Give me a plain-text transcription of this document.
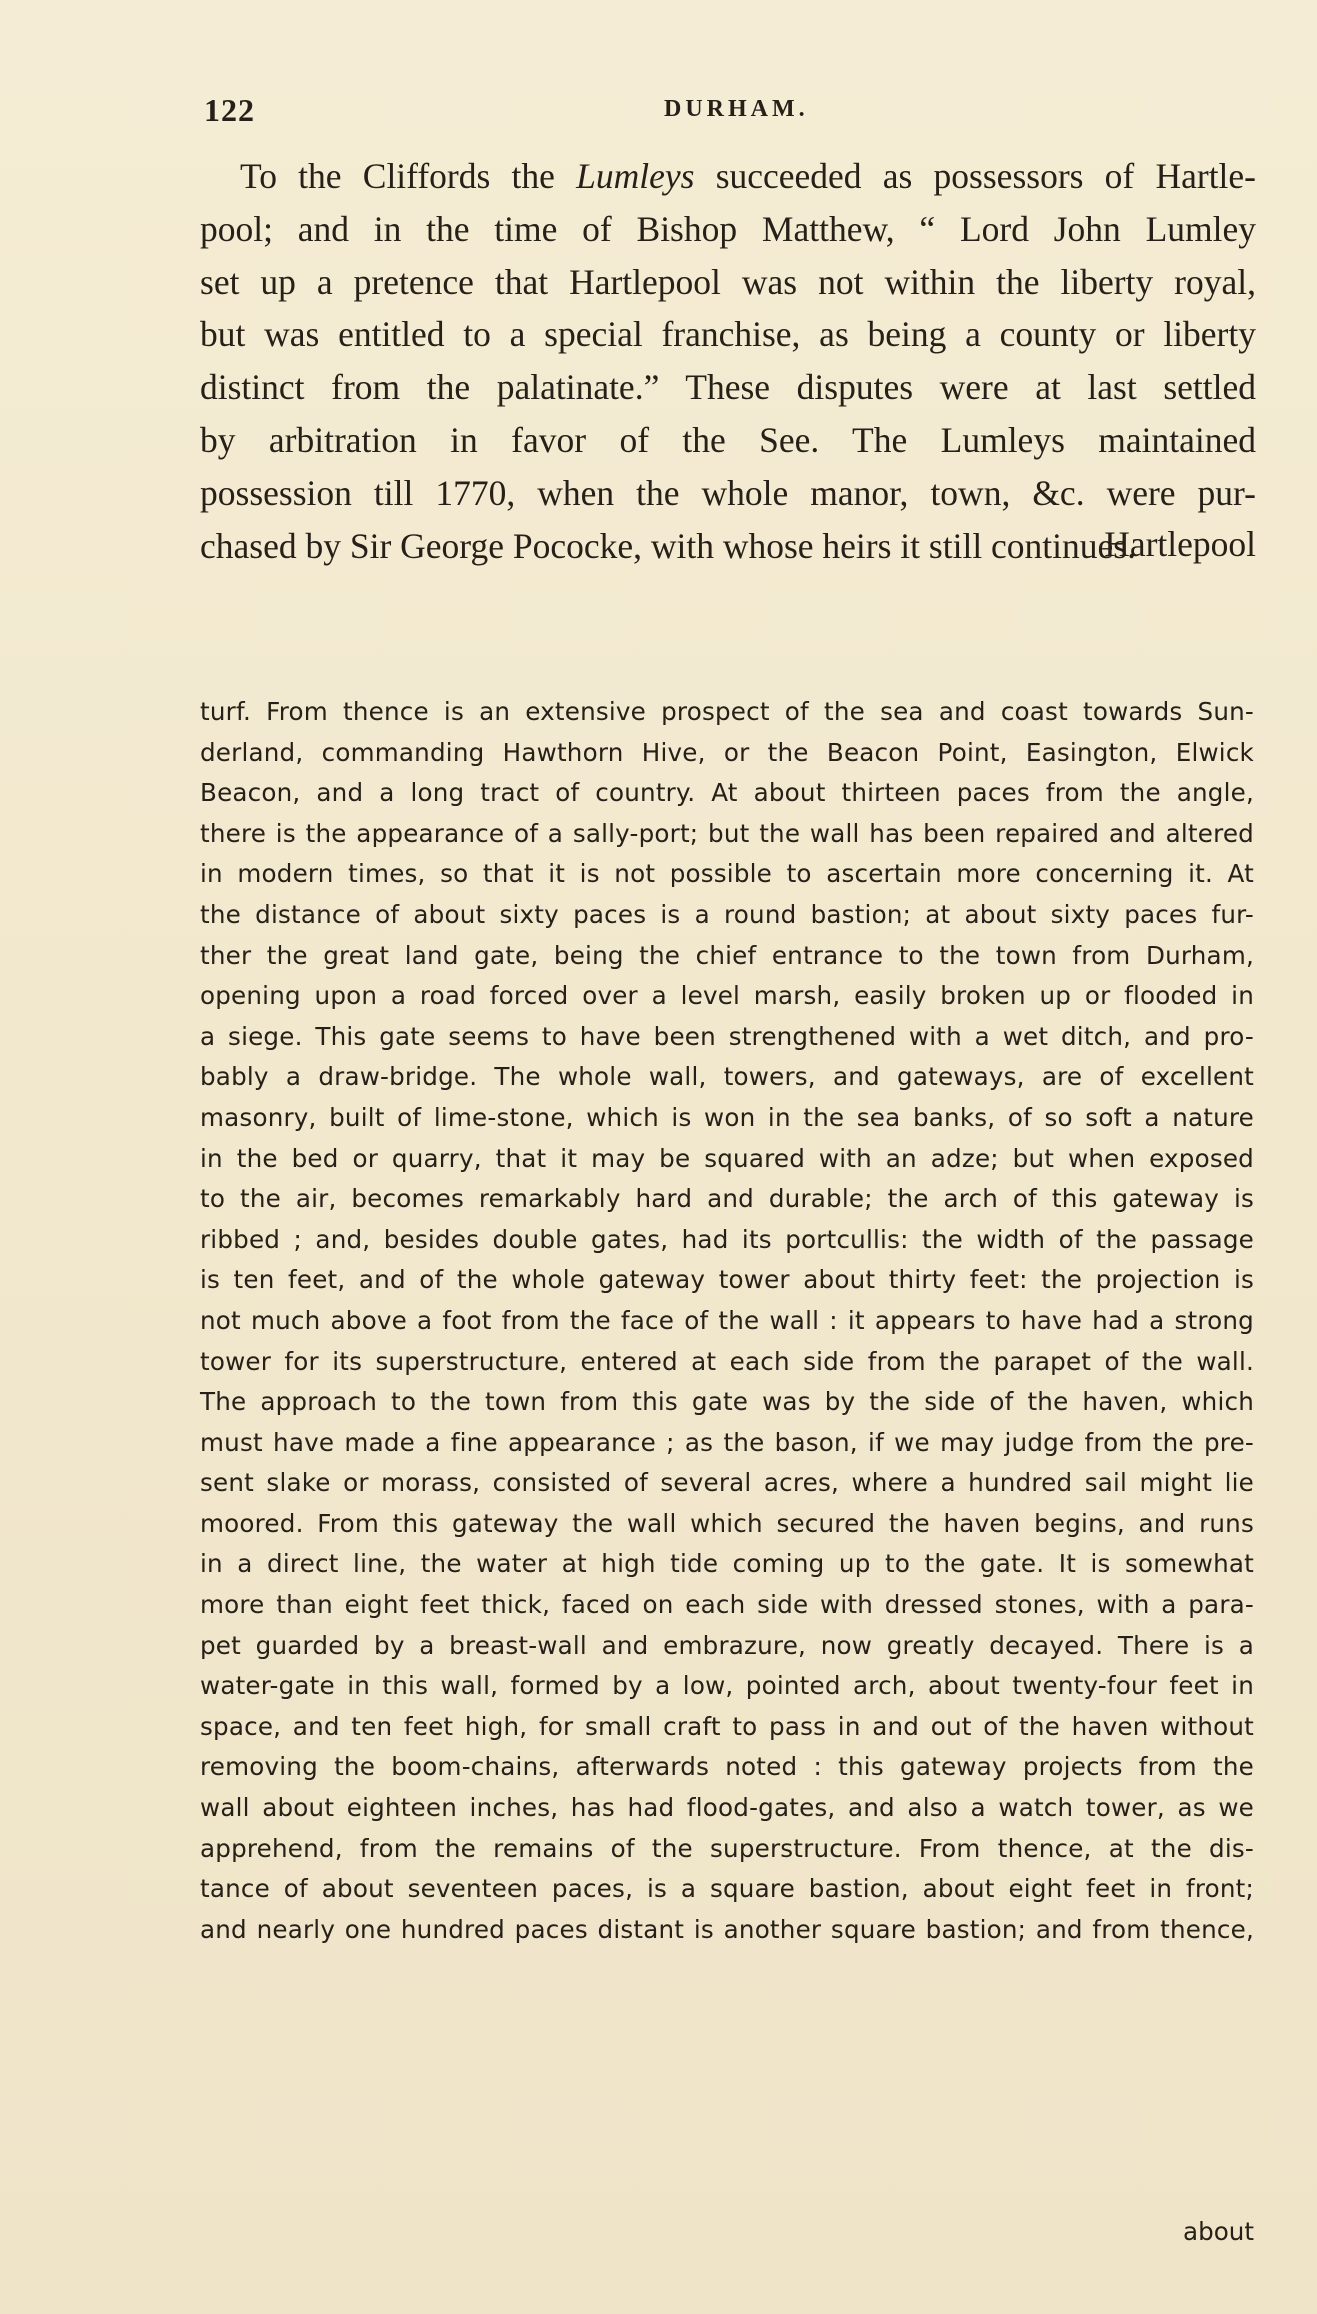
122	DURHAM.
To the Cliffords the Lumleys succeeded as possessors of Hartle-
pool; and in the time of Bishop Matthew, “ Lord John Lumley
set up a pretence that Hartlepool was not within the liberty royal,
but was entitled to a special franchise, as being a county or liberty
distinct from the palatinate.” These disputes were at last settled
by arbitration in favor of the See. The Lumleys maintained
possession till 1770, when the whole manor, town, &c. were pur-
chased by Sir George Pococke, with whose heirs it still continues.
Hartlepool
turf. From thence is an extensive prospect of the sea and coast towards Sun-
derland, commanding Hawthorn Hive, or the Beacon Point, Easington, Elwick
Beacon, and a long tract of country. At about thirteen paces from the angle,
there is the appearance of a sally-port; but the wall has been repaired and altered
in modern times, so that it is not possible to ascertain more concerning it. At
the distance of about sixty paces is a round bastion; at about sixty paces fur-
ther the great land gate, being the chief entrance to the town from Durham,
opening upon a road forced over a level marsh, easily broken up or flooded in
a siege. This gate seems to have been strengthened with a wet ditch, and pro-
bably a draw-bridge. The whole wall, towers, and gateways, are of excellent
masonry, built of lime-stone, which is won in the sea banks, of so soft a nature
in the bed or quarry, that it may be squared with an adze; but when exposed
to the air, becomes remarkably hard and durable; the arch of this gateway is
ribbed ; and, besides double gates, had its portcullis: the width of the passage
is ten feet, and of the whole gateway tower about thirty feet: the projection is
not much above a foot from the face of the wall : it appears to have had a strong
tower for its superstructure, entered at each side from the parapet of the wall.
The approach to the town from this gate was by the side of the haven, which
must have made a fine appearance ; as the bason, if we may judge from the pre-
sent slake or morass, consisted of several acres, where a hundred sail might lie
moored. From this gateway the wall which secured the haven begins, and runs
in a direct line, the water at high tide coming up to the gate. It is somewhat
more than eight feet thick, faced on each side with dressed stones, with a para-
pet guarded by a breast-wall and embrazure, now greatly decayed. There is a
water-gate in this wall, formed by a low, pointed arch, about twenty-four feet in
space, and ten feet high, for small craft to pass in and out of the haven without
removing the boom-chains, afterwards noted : this gateway projects from the
wall about eighteen inches, has had flood-gates, and also a watch tower, as we
apprehend, from the remains of the superstructure. From thence, at the dis-
tance of about seventeen paces, is a square bastion, about eight feet in front;
and nearly one hundred paces distant is another square bastion; and from thence,
about
